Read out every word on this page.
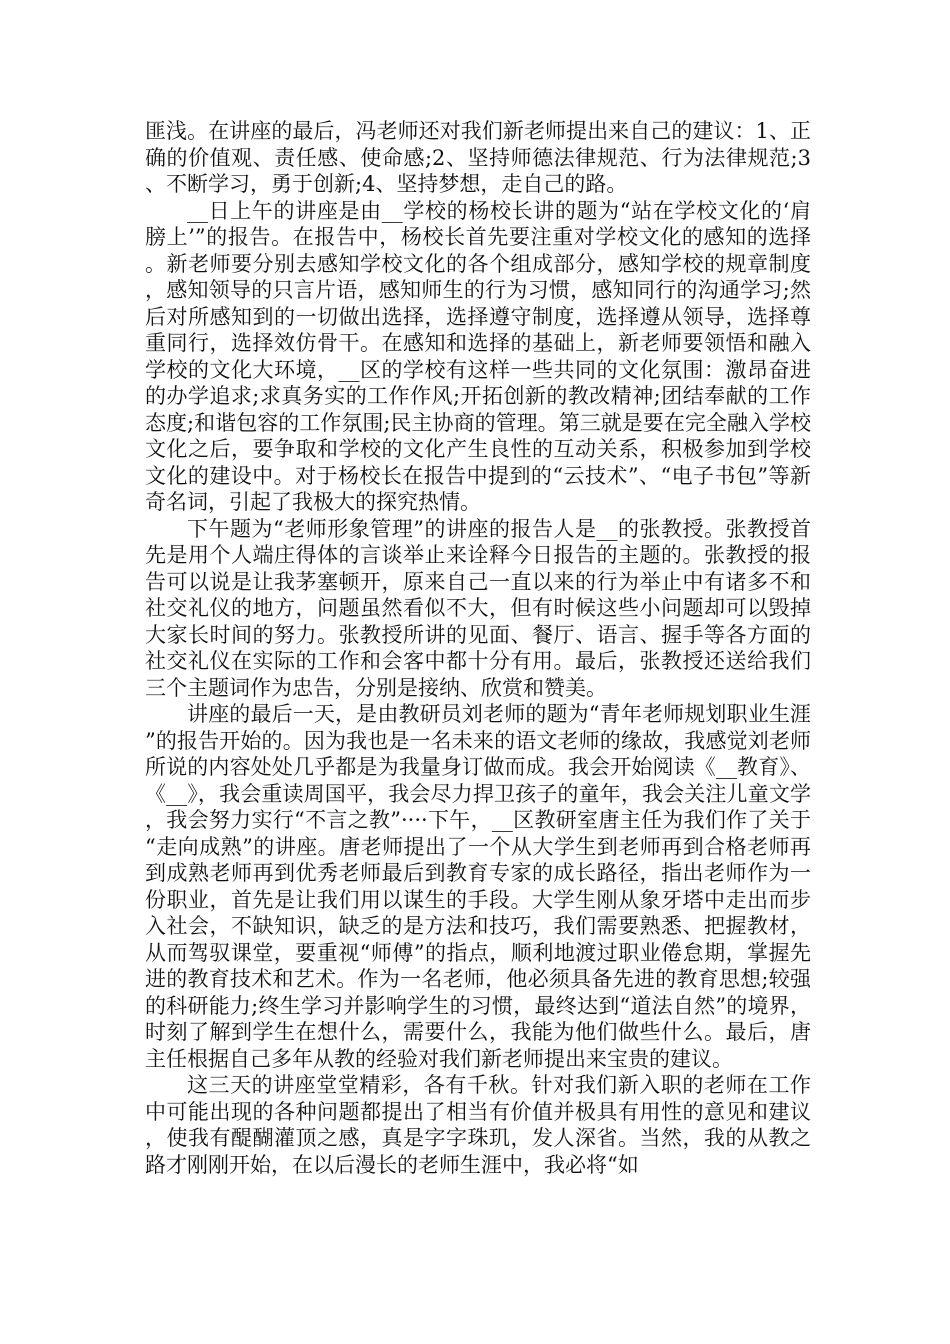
匪浅。在讲座的最后，冯老师还对我们新老师提出来自己的建议：1、正确的价值观、责任感、使命感;2、坚持师德法律规范、行为法律规范;3、不断学习，勇于创新;4、坚持梦想，走自己的路。

__日上午的讲座是由__学校的杨校长讲的题为“站在学校文化的‘肩膀上’”的报告。在报告中，杨校长首先要注重对学校文化的感知的选择。新老师要分别去感知学校文化的各个组成部分，感知学校的规章制度，感知领导的只言片语，感知师生的行为习惯，感知同行的沟通学习;然后对所感知到的一切做出选择，选择遵守制度，选择遵从领导，选择尊重同行，选择效仿骨干。在感知和选择的基础上，新老师要领悟和融入学校的文化大环境，__区的学校有这样一些共同的文化氛围：激昂奋进的办学追求;求真务实的工作作风;开拓创新的教改精神;团结奉献的工作态度;和谐包容的工作氛围;民主协商的管理。第三就是要在完全融入学校文化之后，要争取和学校的文化产生良性的互动关系，积极参加到学校文化的建设中。对于杨校长在报告中提到的“云技术”、“电子书包”等新奇名词，引起了我极大的探究热情。

下午题为“老师形象管理”的讲座的报告人是__的张教授。张教授首先是用个人端庄得体的言谈举止来诠释今日报告的主题的。张教授的报告可以说是让我茅塞顿开，原来自己一直以来的行为举止中有诸多不和社交礼仪的地方，问题虽然看似不大，但有时候这些小问题却可以毁掉大家长时间的努力。张教授所讲的见面、餐厅、语言、握手等各方面的社交礼仪在实际的工作和会客中都十分有用。最后，张教授还送给我们三个主题词作为忠告，分别是接纳、欣赏和赞美。

讲座的最后一天，是由教研员刘老师的题为“青年老师规划职业生涯”的报告开始的。因为我也是一名未来的语文老师的缘故，我感觉刘老师所说的内容处处几乎都是为我量身订做而成。我会开始阅读《__教育》、《__》，我会重读周国平，我会尽力捍卫孩子的童年，我会关注儿童文学，我会努力实行“不言之教”····下午，__区教研室唐主任为我们作了关于“走向成熟”的讲座。唐老师提出了一个从大学生到老师再到合格老师再到成熟老师再到优秀老师最后到教育专家的成长路径，指出老师作为一份职业，首先是让我们用以谋生的手段。大学生刚从象牙塔中走出而步入社会，不缺知识，缺乏的是方法和技巧，我们需要熟悉、把握教材，从而驾驭课堂，要重视“师傅”的指点，顺利地渡过职业倦怠期，掌握先进的教育技术和艺术。作为一名老师，他必须具备先进的教育思想;较强的科研能力;终生学习并影响学生的习惯，最终达到“道法自然”的境界，时刻了解到学生在想什么，需要什么，我能为他们做些什么。最后，唐主任根据自己多年从教的经验对我们新老师提出来宝贵的建议。

这三天的讲座堂堂精彩，各有千秋。针对我们新入职的老师在工作中可能出现的各种问题都提出了相当有价值并极具有用性的意见和建议，使我有醍醐灌顶之感，真是字字珠玑，发人深省。当然，我的从教之路才刚刚开始，在以后漫长的老师生涯中，我必将“如
